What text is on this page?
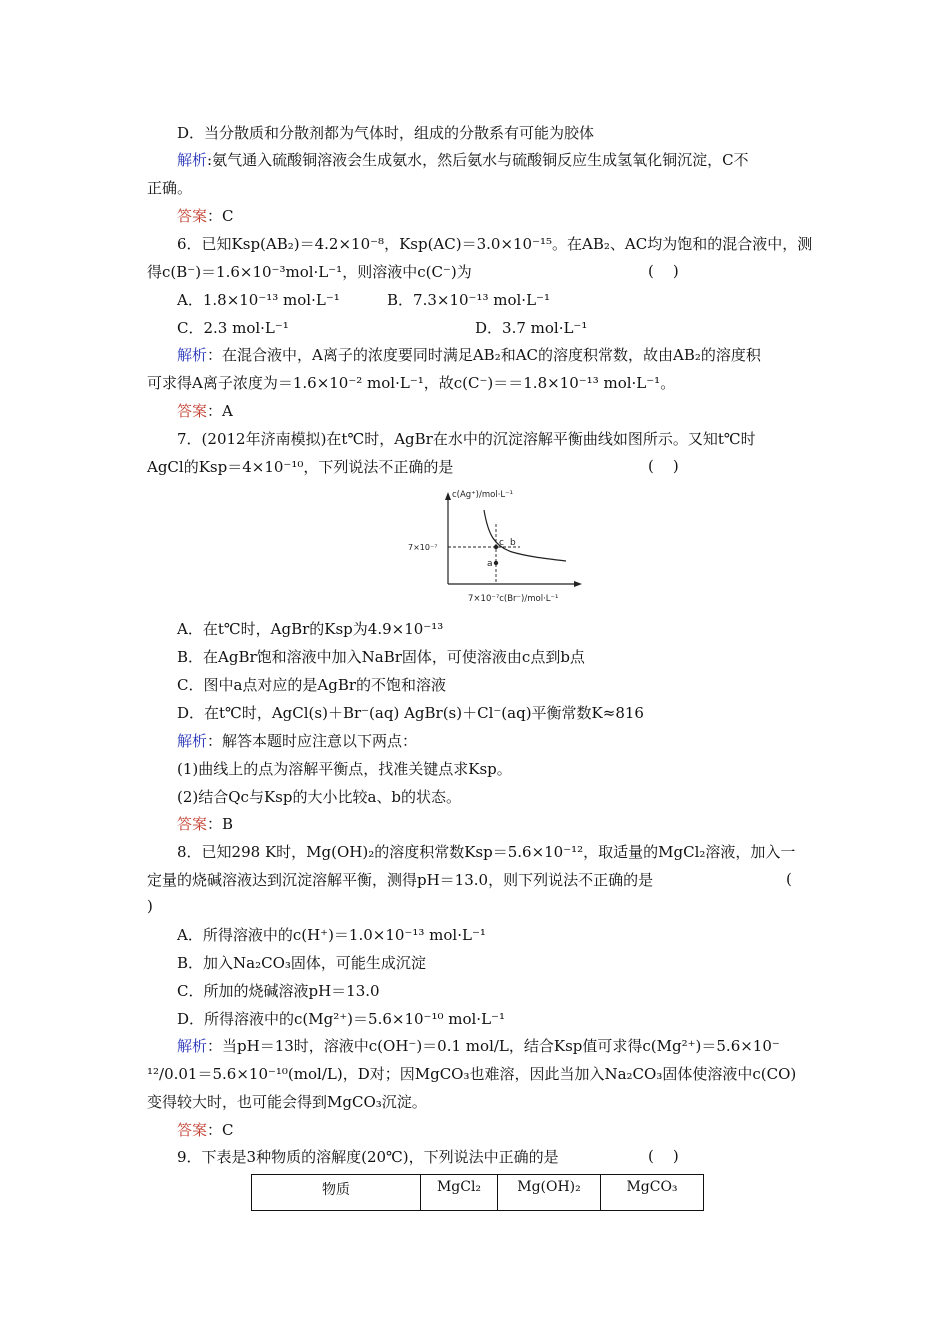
D．当分散质和分散剂都为气体时，组成的分散系有可能为胶体
解析:氨气通入硫酸铜溶液会生成氨水，然后氨水与硫酸铜反应生成氢氧化铜沉淀，C不
正确。
答案：C
6．已知Ksp(AB₂)＝4.2×10⁻⁸，Ksp(AC)＝3.0×10⁻¹⁵。在AB₂、AC均为饱和的混合液中，测
得c(B⁻)＝1.6×10⁻³mol·L⁻¹，则溶液中c(C⁻)为	(    )
A．1.8×10⁻¹³ mol·L⁻¹	B．7.3×10⁻¹³ mol·L⁻¹
C．2.3 mol·L⁻¹	D．3.7 mol·L⁻¹
解析：在混合液中，A离子的浓度要同时满足AB₂和AC的溶度积常数，故由AB₂的溶度积
可求得A离子浓度为＝1.6×10⁻² mol·L⁻¹，故c(C⁻)＝＝1.8×10⁻¹³ mol·L⁻¹。
答案：A
7．(2012年济南模拟)在t℃时，AgBr在水中的沉淀溶解平衡曲线如图所示。又知t℃时
AgCl的Ksp＝4×10⁻¹⁰，下列说法不正确的是	(    )
c(Ag⁺)/mol·L⁻¹
7×10⁻⁷
7×10⁻⁷c(Br⁻)/mol·L⁻¹
c b
a
A．在t℃时，AgBr的Ksp为4.9×10⁻¹³
B．在AgBr饱和溶液中加入NaBr固体，可使溶液由c点到b点
C．图中a点对应的是AgBr的不饱和溶液
D．在t℃时，AgCl(s)＋Br⁻(aq) AgBr(s)＋Cl⁻(aq)平衡常数K≈816
解析：解答本题时应注意以下两点：
(1)曲线上的点为溶解平衡点，找准关键点求Ksp。
(2)结合Qc与Ksp的大小比较a、b的状态。
答案：B
8．已知298 K时，Mg(OH)₂的溶度积常数Ksp＝5.6×10⁻¹²，取适量的MgCl₂溶液，加入一
定量的烧碱溶液达到沉淀溶解平衡，测得pH＝13.0，则下列说法不正确的是	(
)
A．所得溶液中的c(H⁺)＝1.0×10⁻¹³ mol·L⁻¹
B．加入Na₂CO₃固体，可能生成沉淀
C．所加的烧碱溶液pH＝13.0
D．所得溶液中的c(Mg²⁺)＝5.6×10⁻¹⁰ mol·L⁻¹
解析：当pH＝13时，溶液中c(OH⁻)＝0.1 mol/L，结合Ksp值可求得c(Mg²⁺)＝5.6×10⁻
¹²/0.01＝5.6×10⁻¹⁰(mol/L)，D对；因MgCO₃也难溶，因此当加入Na₂CO₃固体使溶液中c(CO)
变得较大时，也可能会得到MgCO₃沉淀。
答案：C
9．下表是3种物质的溶解度(20℃)，下列说法中正确的是	(    )
物质	MgCl₂	Mg(OH)₂	MgCO₃
